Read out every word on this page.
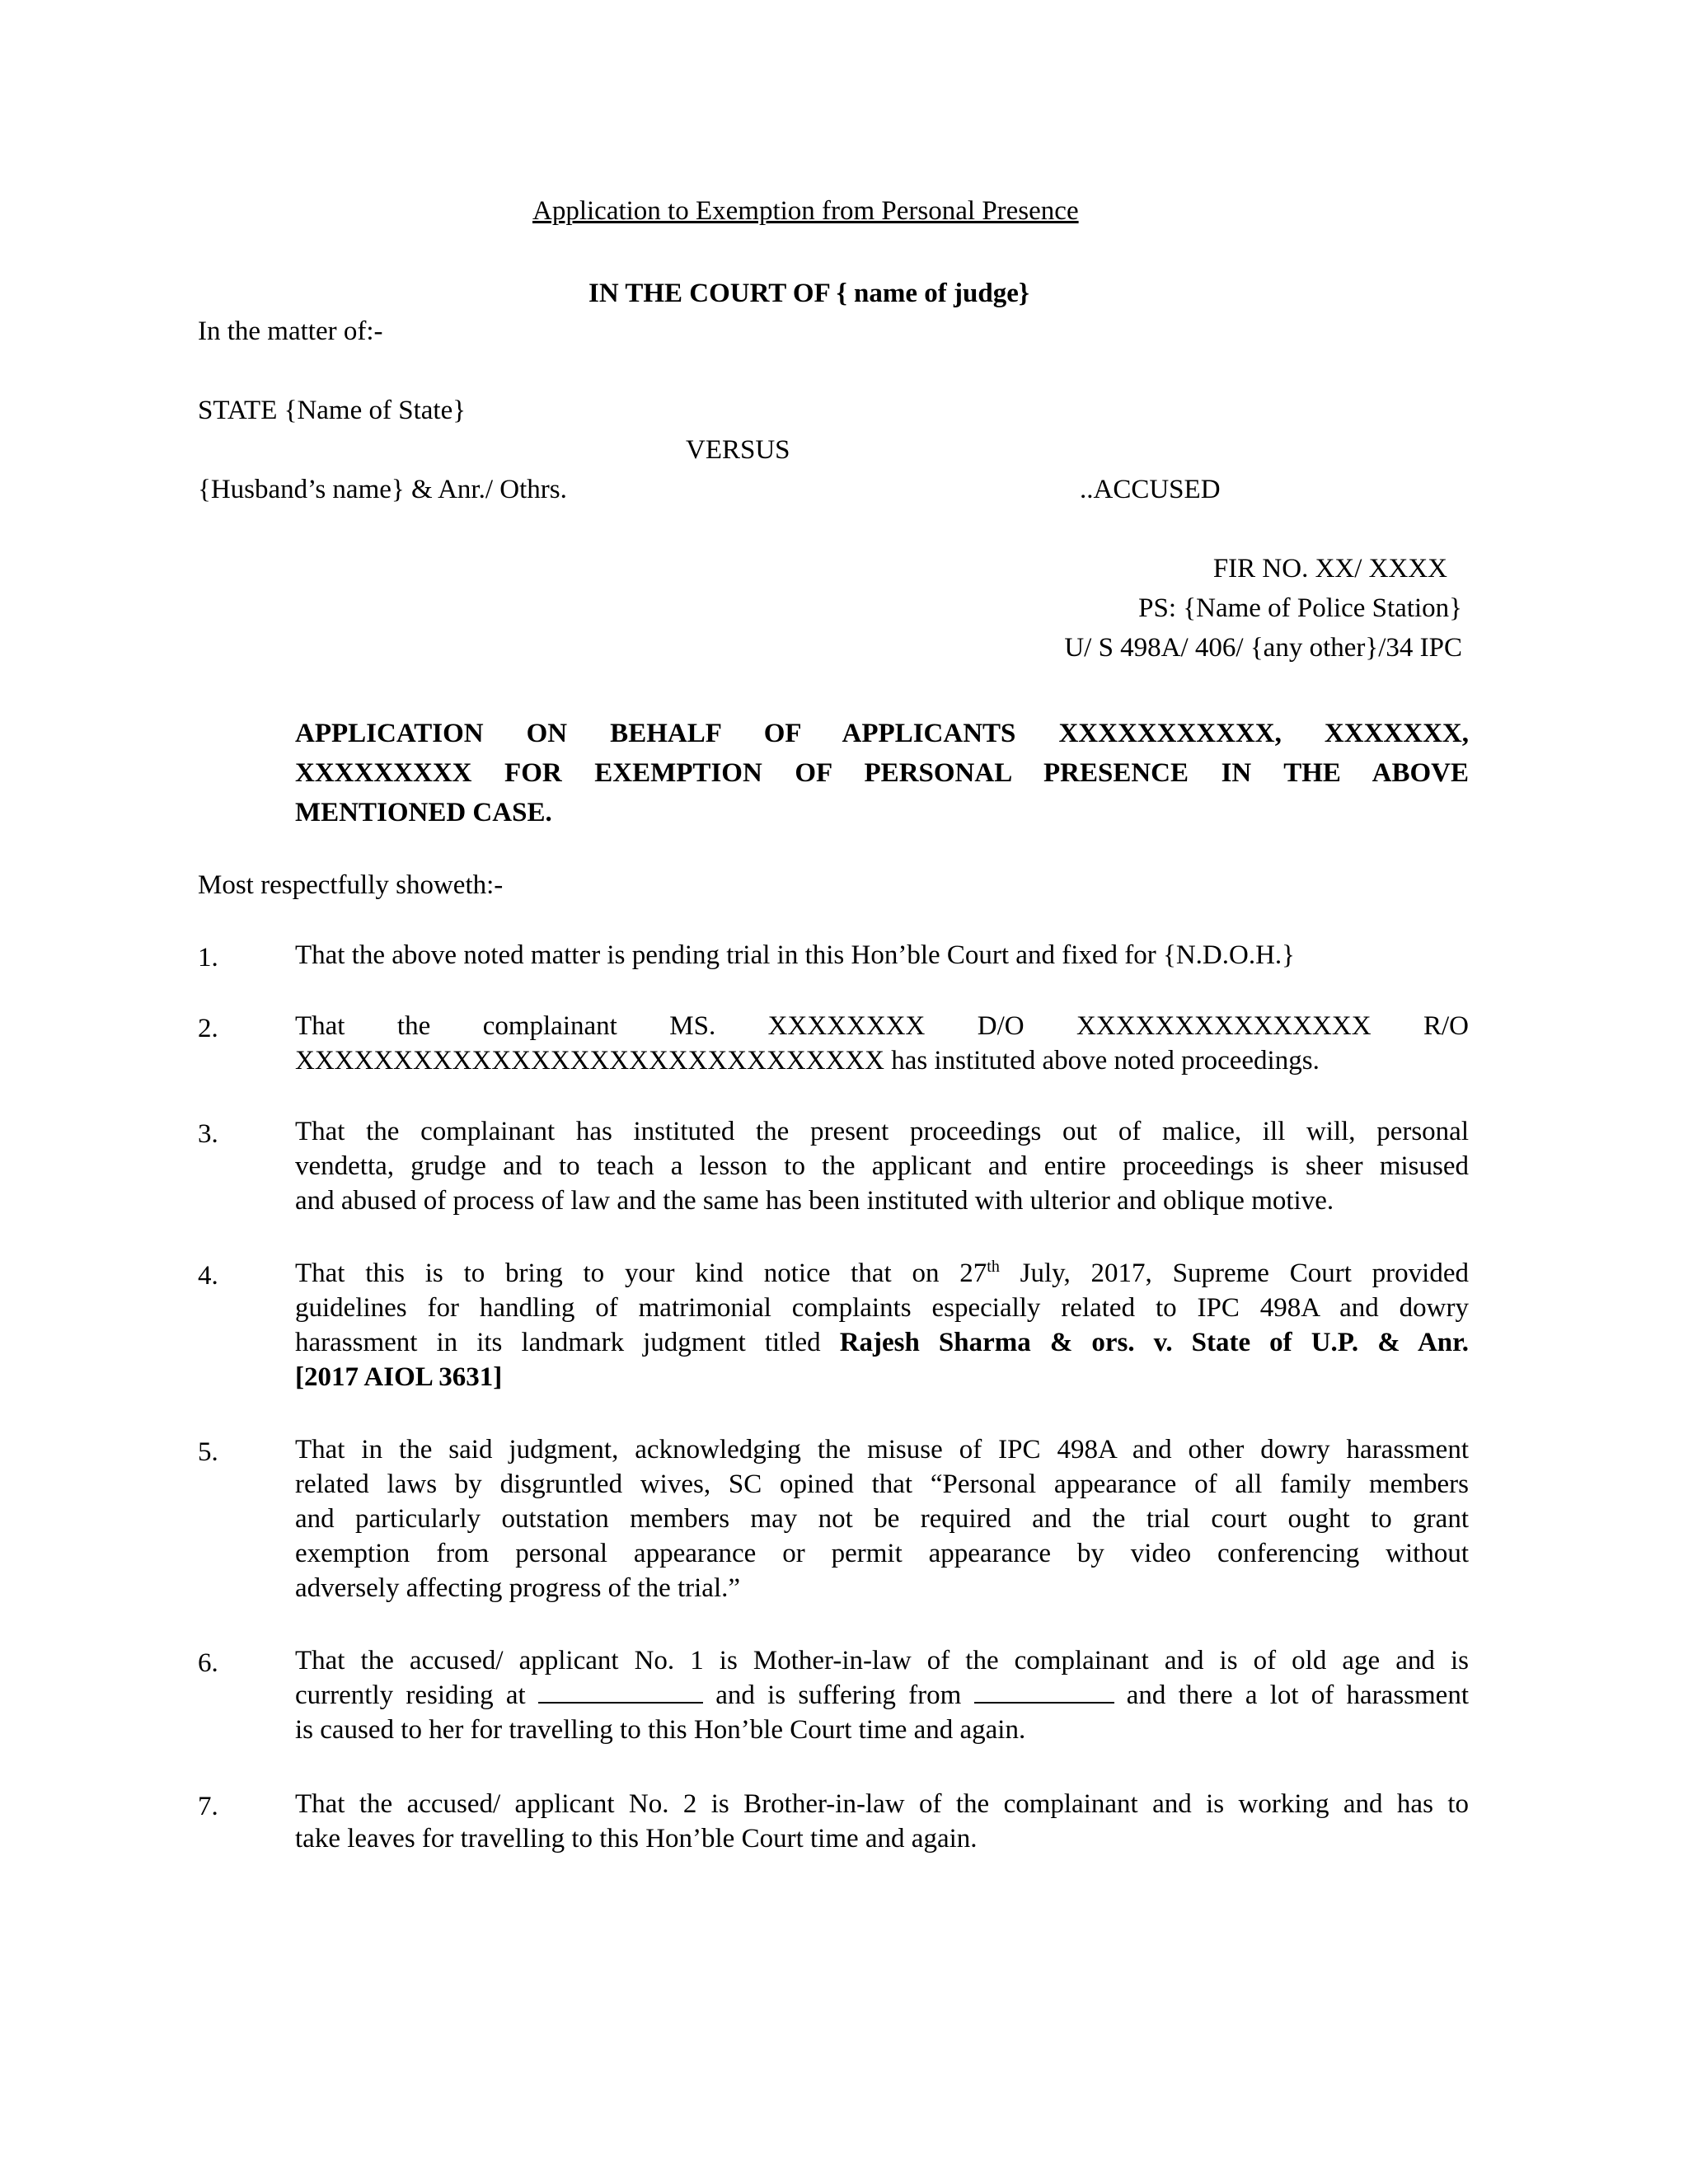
Application to Exemption from Personal Presence
IN THE COURT OF { name of judge}
In the matter of:-
STATE {Name of State}
VERSUS
{Husband’s name} & Anr./ Othrs.	..ACCUSED
FIR NO. XX/ XXXX
PS: {Name of Police Station}
U/ S 498A/ 406/ {any other}/34 IPC
APPLICATION ON BEHALF OF APPLICANTS XXXXXXXXXXX, XXXXXXX,
XXXXXXXXX FOR EXEMPTION OF PERSONAL PRESENCE IN THE ABOVE
MENTIONED CASE.
Most respectfully showeth:-
1.	That the above noted matter is pending trial in this Hon’ble Court and fixed for {N.D.O.H.}
2.	That the complainant MS. XXXXXXXX D/O XXXXXXXXXXXXXXX R/O
XXXXXXXXXXXXXXXXXXXXXXXXXXXXXX has instituted above noted proceedings.
3.	That the complainant has instituted the present proceedings out of malice, ill will, personal
vendetta, grudge and to teach a lesson to the applicant and entire proceedings is sheer misused
and abused of process of law and the same has been instituted with ulterior and oblique motive.
4.	That this is to bring to your kind notice that on 27th July, 2017, Supreme Court provided
guidelines for handling of matrimonial complaints especially related to IPC 498A and dowry
harassment in its landmark judgment titled Rajesh Sharma & ors. v. State of U.P. & Anr.
[2017 AIOL 3631]
5.	That in the said judgment, acknowledging the misuse of IPC 498A and other dowry harassment
related laws by disgruntled wives, SC opined that “Personal appearance of all family members
and particularly outstation members may not be required and the trial court ought to grant
exemption from personal appearance or permit appearance by video conferencing without
adversely affecting progress of the trial.”
6.	That the accused/ applicant No. 1 is Mother-in-law of the complainant and is of old age and is
currently residing at	and is suffering from	and there a lot of harassment
is caused to her for travelling to this Hon’ble Court time and again.
7.	That the accused/ applicant No. 2 is Brother-in-law of the complainant and is working and has to
take leaves for travelling to this Hon’ble Court time and again.
